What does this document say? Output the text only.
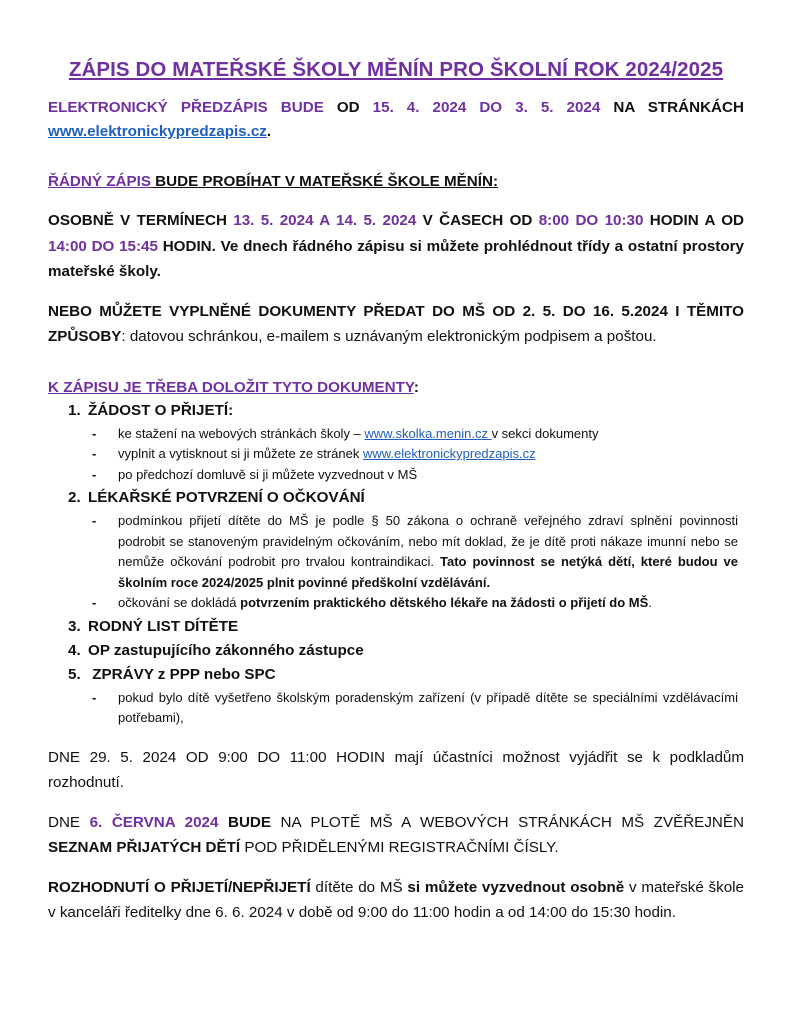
ZÁPIS DO MATEŘSKÉ ŠKOLY MĚNÍN PRO ŠKOLNÍ ROK 2024/2025

ELEKTRONICKÝ PŘEDZÁPIS BUDE OD 15. 4. 2024 DO 3. 5. 2024 NA STRÁNKÁCH www.elektronickypredzapis.cz.

ŘÁDNÝ ZÁPIS BUDE PROBÍHAT V MATEŘSKÉ ŠKOLE MĚNÍN:

OSOBNĚ V TERMÍNECH 13. 5. 2024 A 14. 5. 2024 V ČASECH OD 8:00 DO 10:30 HODIN A OD 14:00 DO 15:45 HODIN. Ve dnech řádného zápisu si můžete prohlédnout třídy a ostatní prostory mateřské školy.

NEBO MŮŽETE VYPLNĚNÉ DOKUMENTY PŘEDAT DO MŠ OD 2. 5. DO 16. 5.2024 I TĚMITO ZPŮSOBY: datovou schránkou, e-mailem s uznávaným elektronickým podpisem a poštou.

K ZÁPISU JE TŘEBA DOLOŽIT TYTO DOKUMENTY:

1. ŽÁDOST O PŘIJETÍ:
- ke stažení na webových stránkách školy – www.skolka.menin.cz v sekci dokumenty
- vyplnit a vytisknout si ji můžete ze stránek www.elektronickypredzapis.cz
- po předchozí domluvě si ji můžete vyzvednout v MŠ
2. LÉKAŘSKÉ POTVRZENÍ O OČKOVÁNÍ
- podmínkou přijetí dítěte do MŠ je podle § 50 zákona o ochraně veřejného zdraví splnění povinnosti podrobit se stanoveným pravidelným očkováním, nebo mít doklad, že je dítě proti nákaze imunní nebo se nemůže očkování podrobit pro trvalou kontraindikaci. Tato povinnost se netýká dětí, které budou ve školním roce 2024/2025 plnit povinné předškolní vzdělávání.
- očkování se dokládá potvrzením praktického dětského lékaře na žádosti o přijetí do MŠ.
3. RODNÝ LIST DÍTĚTE
4. OP zastupujícího zákonného zástupce
5. ZPRÁVY z PPP nebo SPC
- pokud bylo dítě vyšetřeno školským poradenským zařízení (v případě dítěte se speciálními vzdělávacími potřebami),

DNE 29. 5. 2024 OD 9:00 DO 11:00 HODIN mají účastníci možnost vyjádřit se k podkladům rozhodnutí.

DNE 6. ČERVNA 2024 BUDE NA PLOTĚ MŠ A WEBOVÝCH STRÁNKÁCH MŠ ZVĚŘEJNĚN SEZNAM PŘIJATÝCH DĚTÍ POD PŘIDĚLENÝMI REGISTRAČNÍMI ČÍSLY.

ROZHODNUTÍ O PŘIJETÍ/NEPŘIJETÍ dítěte do MŠ si můžete vyzvednout osobně v mateřské škole v kanceláři ředitelky dne 6. 6. 2024 v době od 9:00 do 11:00 hodin a od 14:00 do 15:30 hodin.
